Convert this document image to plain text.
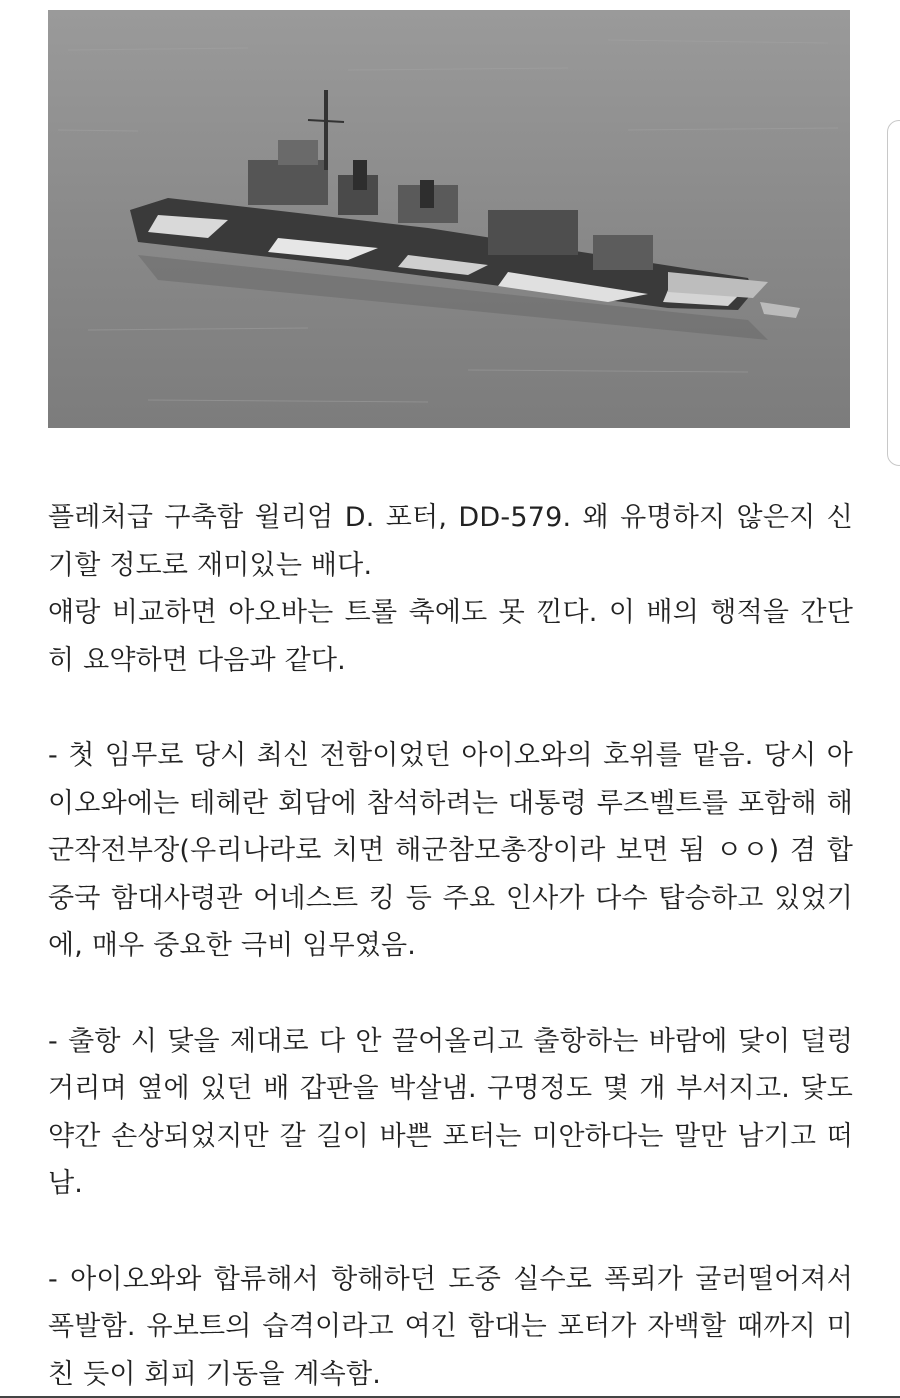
플레처급 구축함 윌리엄 D. 포터, DD-579. 왜 유명하지 않은지 신기할 정도로 재미있는 배다.

얘랑 비교하면 아오바는 트롤 축에도 못 낀다. 이 배의 행적을 간단히 요약하면 다음과 같다.

- 첫 임무로 당시 최신 전함이었던 아이오와의 호위를 맡음. 당시 아이오와에는 테헤란 회담에 참석하려는 대통령 루즈벨트를 포함해 해군작전부장(우리나라로 치면 해군참모총장이라 보면 됨 ㅇㅇ) 겸 합중국 함대사령관 어네스트 킹 등 주요 인사가 다수 탑승하고 있었기에, 매우 중요한 극비 임무였음.

- 출항 시 닻을 제대로 다 안 끌어올리고 출항하는 바람에 닻이 덜렁거리며 옆에 있던 배 갑판을 박살냄. 구명정도 몇 개 부서지고. 닻도 약간 손상되었지만 갈 길이 바쁜 포터는 미안하다는 말만 남기고 떠남.

- 아이오와와 합류해서 항해하던 도중 실수로 폭뢰가 굴러떨어져서 폭발함. 유보트의 습격이라고 여긴 함대는 포터가 자백할 때까지 미친 듯이 회피 기동을 계속함.
